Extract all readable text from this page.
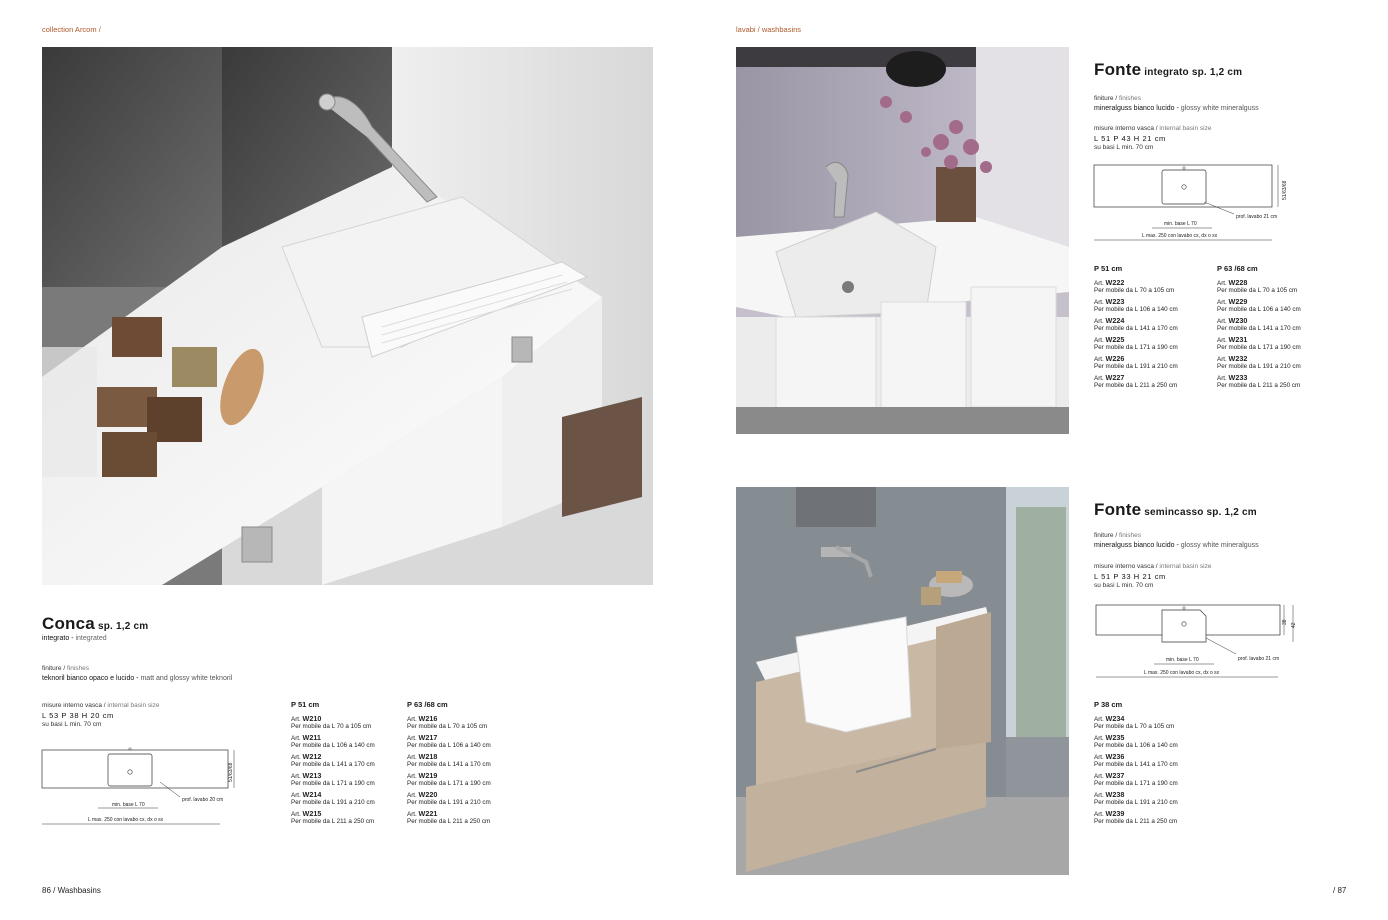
collection Arcom /	lavabi / washbasins
86 / Washbasins	/ 87
Conca sp. 1,2 cm
integrato - integrated
finiture / finishes
teknoril bianco opaco e lucido - matt and glossy white teknoril
misure interno vasca / internal basin size
L 53 P 38 H 20 cm
su basi L min. 70 cm
51/63/68
prof. lavabo 20 cm
min. base L 70
L max. 250 con lavabo cx, dx o sx
P 51 cm
Art. W210
Per mobile da L 70 a 105 cm
Art. W211
Per mobile da L 106 a 140 cm
Art. W212
Per mobile da L 141 a 170 cm
Art. W213
Per mobile da L 171 a 190 cm
Art. W214
Per mobile da L 191 a 210 cm
Art. W215
Per mobile da L 211 a 250 cm
P 63 /68 cm
Art. W216
Per mobile da L 70 a 105 cm
Art. W217
Per mobile da L 106 a 140 cm
Art. W218
Per mobile da L 141 a 170 cm
Art. W219
Per mobile da L 171 a 190 cm
Art. W220
Per mobile da L 191 a 210 cm
Art. W221
Per mobile da L 211 a 250 cm
Fonte integrato sp. 1,2 cm
finiture / finishes
mineralguss bianco lucido - glossy white mineralguss
misure interno vasca / internal basin size
L 51 P 43 H 21 cm
su basi L min. 70 cm
51/63/68
prof. lavabo 21 cm
min. base L 70
L max. 250 con lavabo cx, dx o sx
P 51 cm
Art. W222
Per mobile da L 70 a 105 cm
Art. W223
Per mobile da L 106 a 140 cm
Art. W224
Per mobile da L 141 a 170 cm
Art. W225
Per mobile da L 171 a 190 cm
Art. W226
Per mobile da L 191 a 210 cm
Art. W227
Per mobile da L 211 a 250 cm
P 63 /68 cm
Art. W228
Per mobile da L 70 a 105 cm
Art. W229
Per mobile da L 106 a 140 cm
Art. W230
Per mobile da L 141 a 170 cm
Art. W231
Per mobile da L 171 a 190 cm
Art. W232
Per mobile da L 191 a 210 cm
Art. W233
Per mobile da L 211 a 250 cm
Fonte semincasso sp. 1,2 cm
finiture / finishes
mineralguss bianco lucido - glossy white mineralguss
misure interno vasca / internal basin size
L 51 P 33 H 21 cm
su basi L min. 70 cm
38
42
prof. lavabo 21 cm
min. base L 70
L max. 250 con lavabo cx, dx o sx
P 38 cm
Art. W234
Per mobile da L 70 a 105 cm
Art. W235
Per mobile da L 106 a 140 cm
Art. W236
Per mobile da L 141 a 170 cm
Art. W237
Per mobile da L 171 a 190 cm
Art. W238
Per mobile da L 191 a 210 cm
Art. W239
Per mobile da L 211 a 250 cm
